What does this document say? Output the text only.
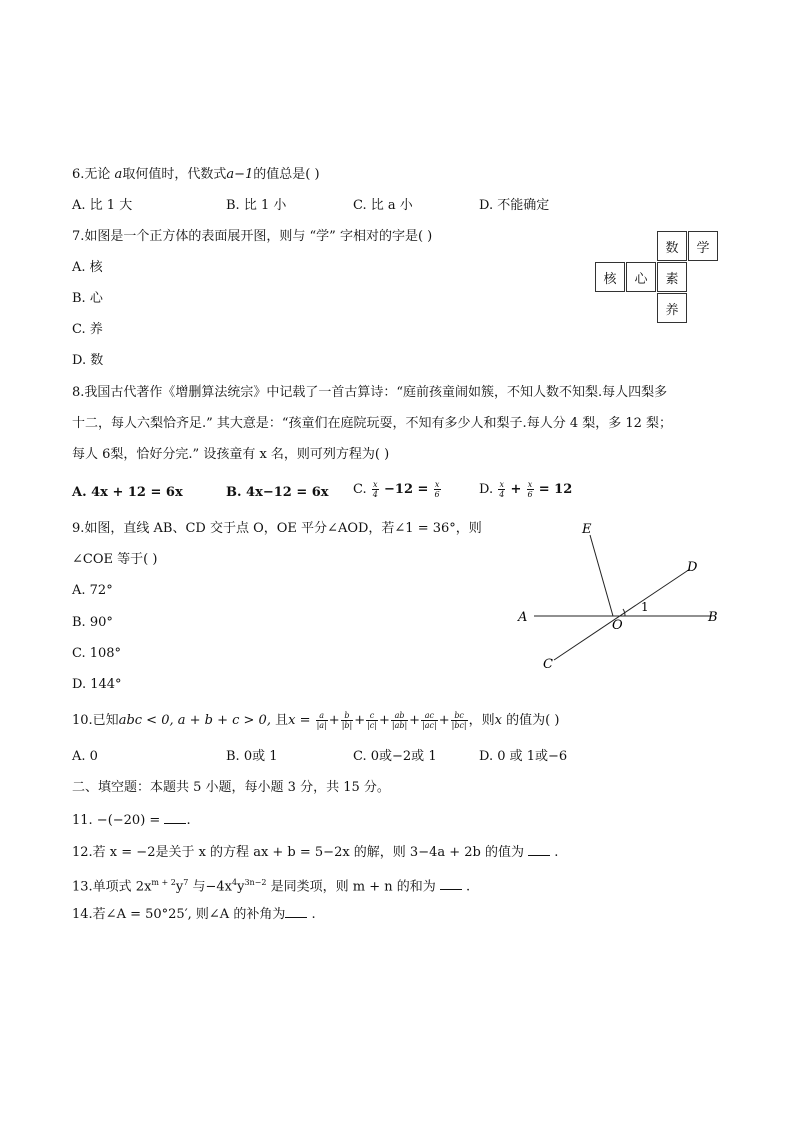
6.无论 a取何值时，代数式a−1的值总是( )
A. 比 1 大	B. 比 1 小	C. 比 a 小	D. 不能确定
7.如图是一个正方体的表面展开图，则与 “学” 字相对的字是( )
A. 核
B. 心
C. 养
D. 数
数	学
核	心	素
养
8.我国古代著作《增删算法统宗》中记载了一首古算诗：“庭前孩童闹如簇，不知人数不知梨.每人四梨多
十二，每人六梨恰齐足.” 其大意是：“孩童们在庭院玩耍，不知有多少人和梨子.每人分 4 梨，多 12 梨；
每人 6梨，恰好分完.” 设孩童有 x 名，则可列方程为( )
A. 4x + 12 = 6x	B. 4x−12 = 6x C. $\frac{x}{4} -12 = \frac{x}{6}$	D. $\frac{x}{4} + \frac{x}{6} = 12$
9.如图，直线 AB、CD 交于点 O，OE 平分∠AOD，若∠1 = 36°，则
∠COE 等于( )
A. 72°
B. 90°
C. 108°
D. 144°
E
D
A	B
O
C
1
10.已知abc < 0, a + b + c > 0, 且$x = \frac{a}{|a|} + \frac{b}{|b|} + \frac{c}{|c|} + \frac{ab}{|ab|} + \frac{ac}{|ac|} + \frac{bc}{|bc|}$ ，则x 的值为( )
A. 0	B. 0或 1	C. 0或−2或 1	D. 0 或 1或−6
二、填空题：本题共 5 小题，每小题 3 分，共 15 分。
11. −(−20) = .
12.若 x = −2是关于 x 的方程 ax + b = 5−2x 的解，则 3−4a + 2b 的值为 .
13.单项式 $2x^{m + 2}y^7$ 与$-4x^4y^{3n-2}$ 是同类项，则 m + n 的和为 .
14.若∠A = 50°25′, 则∠A 的补角为 .
